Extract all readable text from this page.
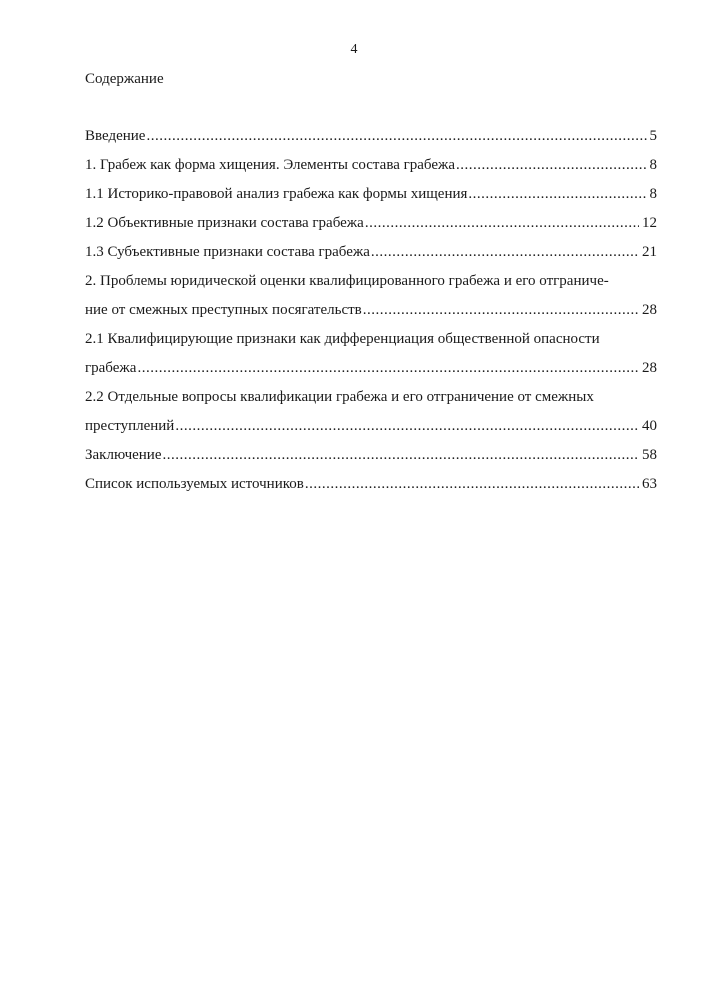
4
Содержание
Введение .....	5
1. Грабеж как форма хищения. Элементы состава грабежа .....	8
1.1 Историко-правовой анализ грабежа как формы хищения .....	8
1.2 Объективные признаки состава грабежа .....	12
1.3 Субъективные признаки состава грабежа .....	21
2. Проблемы юридической оценки квалифицированного грабежа и его отграниче-
ние от смежных преступных посягательств .....	28
2.1 Квалифицирующие признаки как дифференциация общественной опасности
грабежа .....	28
2.2 Отдельные вопросы квалификации грабежа и его отграничение от смежных
преступлений .....	40
Заключение .....	58
Список используемых источников .....	63
